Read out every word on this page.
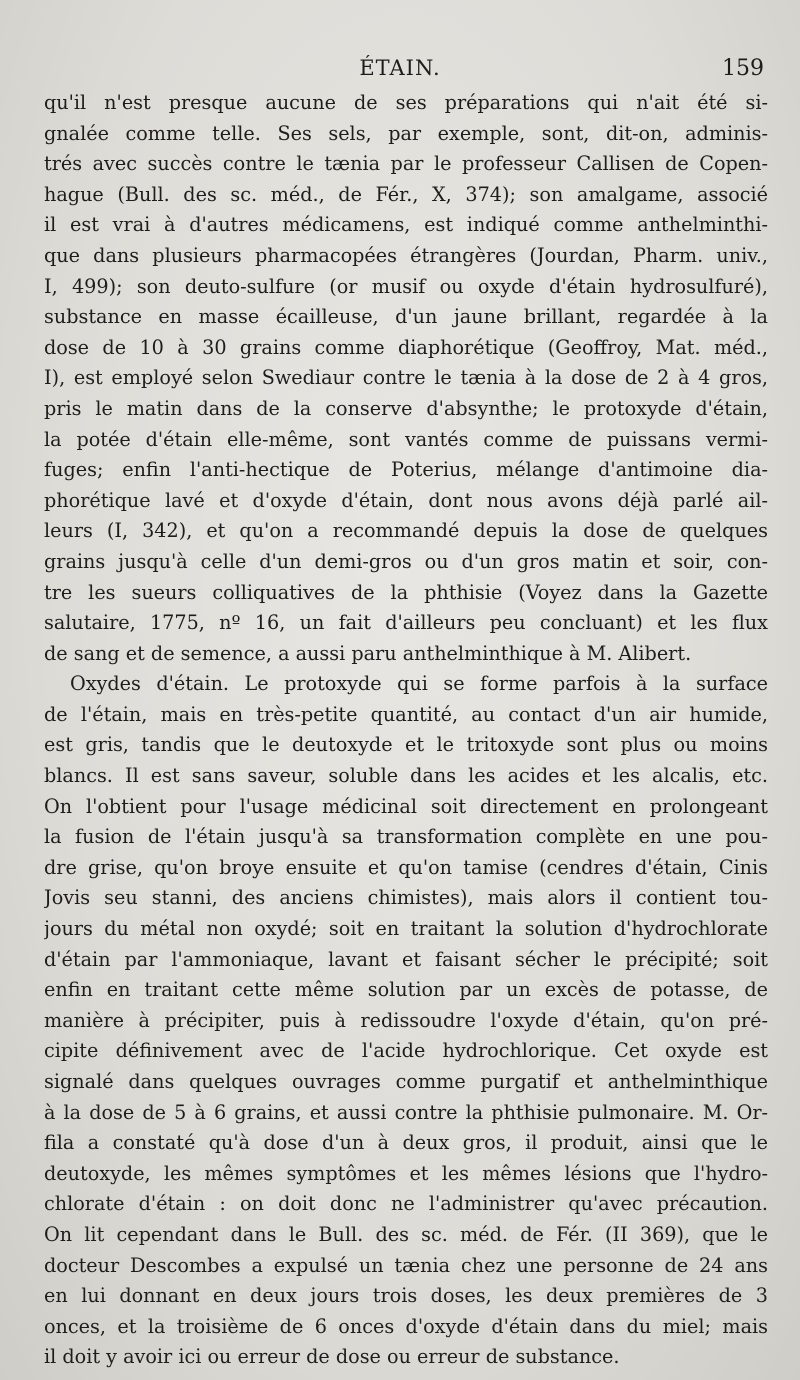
ÉTAIN.	159
qu'il n'est presque aucune de ses préparations qui n'ait été si-
gnalée comme telle. Ses sels, par exemple, sont, dit-on, adminis-
trés avec succès contre le tænia par le professeur Callisen de Copen-
hague (Bull. des sc. méd., de Fér., X, 374); son amalgame, associé
il est vrai à d'autres médicamens, est indiqué comme anthelminthi-
que dans plusieurs pharmacopées étrangères (Jourdan, Pharm. univ.,
I, 499); son deuto-sulfure (or musif ou oxyde d'étain hydrosulfuré),
substance en masse écailleuse, d'un jaune brillant, regardée à la
dose de 10 à 30 grains comme diaphorétique (Geoffroy, Mat. méd.,
I), est employé selon Swediaur contre le tænia à la dose de 2 à 4 gros,
pris le matin dans de la conserve d'absynthe; le protoxyde d'étain,
la potée d'étain elle-même, sont vantés comme de puissans vermi-
fuges; enfin l'anti-hectique de Poterius, mélange d'antimoine dia-
phorétique lavé et d'oxyde d'étain, dont nous avons déjà parlé ail-
leurs (I, 342), et qu'on a recommandé depuis la dose de quelques
grains jusqu'à celle d'un demi-gros ou d'un gros matin et soir, con-
tre les sueurs colliquatives de la phthisie (Voyez dans la Gazette
salutaire, 1775, nº 16, un fait d'ailleurs peu concluant) et les flux
de sang et de semence, a aussi paru anthelminthique à M. Alibert.
Oxydes d'étain. Le protoxyde qui se forme parfois à la surface
de l'étain, mais en très-petite quantité, au contact d'un air humide,
est gris, tandis que le deutoxyde et le tritoxyde sont plus ou moins
blancs. Il est sans saveur, soluble dans les acides et les alcalis, etc.
On l'obtient pour l'usage médicinal soit directement en prolongeant
la fusion de l'étain jusqu'à sa transformation complète en une pou-
dre grise, qu'on broye ensuite et qu'on tamise (cendres d'étain, Cinis
Jovis seu stanni, des anciens chimistes), mais alors il contient tou-
jours du métal non oxydé; soit en traitant la solution d'hydrochlorate
d'étain par l'ammoniaque, lavant et faisant sécher le précipité; soit
enfin en traitant cette même solution par un excès de potasse, de
manière à précipiter, puis à redissoudre l'oxyde d'étain, qu'on pré-
cipite définivement avec de l'acide hydrochlorique. Cet oxyde est
signalé dans quelques ouvrages comme purgatif et anthelminthique
à la dose de 5 à 6 grains, et aussi contre la phthisie pulmonaire. M. Or-
fila a constaté qu'à dose d'un à deux gros, il produit, ainsi que le
deutoxyde, les mêmes symptômes et les mêmes lésions que l'hydro-
chlorate d'étain : on doit donc ne l'administrer qu'avec précaution.
On lit cependant dans le Bull. des sc. méd. de Fér. (II 369), que le
docteur Descombes a expulsé un tænia chez une personne de 24 ans
en lui donnant en deux jours trois doses, les deux premières de 3
onces, et la troisième de 6 onces d'oxyde d'étain dans du miel; mais
il doit y avoir ici ou erreur de dose ou erreur de substance.
